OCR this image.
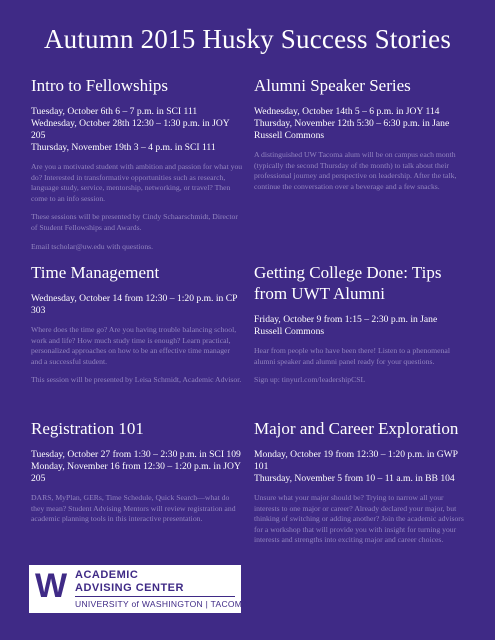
Autumn 2015 Husky Success Stories
Intro to Fellowships

Tuesday, October 6th 6 – 7 p.m. in SCI 111

Wednesday, October 28th 12:30 – 1:30 p.m. in JOY 205

Thursday, November 19th 3 – 4 p.m. in SCI 111

Are you a motivated student with ambition and passion for what you do? Interested in transformative opportunities such as research, language study, service, mentorship, networking, or travel? Then come to an info session.

These sessions will be presented by Cindy Schaarschmidt, Director of Student Fellowships and Awards.

Email tscholar@uw.edu with questions.

Alumni Speaker Series

Wednesday, October 14th 5 – 6 p.m. in JOY 114

Thursday, November 12th 5:30 – 6:30 p.m. in Jane Russell Commons

A distinguished UW Tacoma alum will be on campus each month (typically the second Thursday of the month) to talk about their professional journey and perspective on leadership. After the talk, continue the conversation over a beverage and a few snacks.

Time Management

Wednesday, October 14 from 12:30 – 1:20 p.m. in CP 303

Where does the time go? Are you having trouble balancing school, work and life? How much study time is enough? Learn practical, personalized approaches on how to be an effective time manager and a successful student.

This session will be presented by Leisa Schmidt, Academic Advisor.

Getting College Done: Tips from UWT Alumni

Friday, October 9 from 1:15 – 2:30 p.m. in Jane Russell Commons

Hear from people who have been there! Listen to a phenomenal alumni speaker and alumni panel ready for your questions.

Sign up: tinyurl.com/leadershipCSL

Registration 101

Tuesday, October 27 from 1:30 – 2:30 p.m. in SCI 109

Monday, November 16 from 12:30 – 1:20 p.m. in JOY 205

DARS, MyPlan, GERs, Time Schedule, Quick Search—what do they mean? Student Advising Mentors will review registration and academic planning tools in this interactive presentation.

Major and Career Exploration

Monday, October 19 from 12:30 – 1:20 p.m. in GWP 101

Thursday, November 5 from 10 – 11 a.m. in BB 104

Unsure what your major should be? Trying to narrow all your interests to one major or career? Already declared your major, but thinking of switching or adding another? Join the academic advisors for a workshop that will provide you with insight for turning your interests and strengths into exciting major and career choices.

W ACADEMIC
ADVISING CENTER
UNIVERSITY of WASHINGTON | TACOMA
